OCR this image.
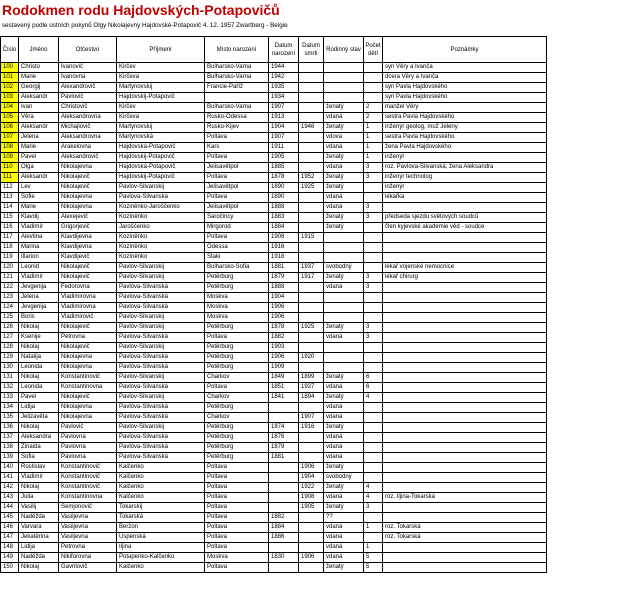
Rodokmen rodu Hajdovských-Potapovičů
sestavený podle ústních pokynů Olgy Nikolajevny Hajdovské-Potapovič 4. 12. 1957 Zwartberg - Belgie
Číslo	Jméno	Otčestvo	Příjmení	Místo narození	Datum narození	Datum smrti	Rodinný stav	Počet dětí	Poznámky
100	Christo	Ivanovič	Kirčev	Bulharsko-Varna	1944				syn Věry a Ivanča
101	Marie	Ivanovna	Kirčeva	Bulharsko-Varna	1942				dcera Věry a Ivanča
102	Georgij	Alexandrovič	Martynovskij	Francie-Paříž	1935				syn Pavla Hajdovského
103	Aleksandr	Pavlovič	Hajdovskij-Potapovič		1934				syn Pavla Hajdovského
104	Ivan	Christovič	Kirčev	Bulharsko-Varna	1907		ženatý	2	manžel Věry
105	Věra	Aleksandrovna	Kirčeva	Rusko-Odessa	1913		vdaná	2	sestra Pavla Hajdovského
106	Aleksandr	Michajlovič	Martynovskij	Rusko-Kijev	1904	1946	ženatý	1	inženýr geolog, muž Jeleny
107	Jelena	Aleksandrovna	Martynovská	Poltava	1907		vdova	1	sestra Pavla Hajdovského
108	Marie	Arakelovna	Hajdovská-Potapovič	Kars	1911		vdaná	1	žena Pavla Hajdovského
109	Pavel	Aleksandrovič	Hajdovskij-Potapovič	Poltava	1905		ženatý	1	inženýr
110	Olga	Nikolajevna	Hajdovská-Potapovič	Jelisavětpol	1885		vdaná	3	roz. Pavlova-Silvanská; žena Aleksandra
111	Aleksandr	Nikolajevič	Hajdovskij-Potapovič	Poltava	1878	1952	ženatý	3	inženýr technolog
112	Lev	Nikolajevič	Pavlov-Silvanskij	Jelisavětpol	1890	1925	ženatý		inženýr
113	Sofie	Nikolajevna	Pavlova-Silvanská	Poltava	1890		vdaná		lékařka
114	Marie	Nikolajevna	Koziněnko-Jaroščenko	Jelisavětpol	1888		vdaná	3	
115	Klavdij	Alexejevič	Kozíněnko	Saročincy	1883		ženatý	3	předseda sjezdu světových soudců
116	Vladimír	Grigorjevič	Jaroščenko	Mirgorod	1884		ženatý		člen kyjevské akademie věd - soudce
117	Alevtina	Klavdijevna	Kozíněnko	Poltava	1908	1915			
118	Marina	Klavdijevna	Kozíněnko	Odessa	1916				
119	Illarion	Klavdijevič	Kozíněnko	Štaki	1918				
120	Leonid	Nikolajevič	Pavlov-Silvanskij	Bulharsko-Sofia	1881	1937	svobodný		lékař vojenské nemocnice
121	Vladimír	Nikolajevič	Pavlov-Silvanskij	Petěrburg	1879	1917	ženatý	3	lékař chirurg
122	Jevgenija	Fedorovna	Pavlova-Silvanská	Petěrburg	1888		vdaná	3	
123	Jelena	Vladimirovna	Pavlova-Silvanská	Moskva	1904				
124	Jevgenija	Vladimirovna	Pavlova-Silvanská	Moskva	1906				
125	Boris	Vladimirovič	Pavlov-Silvanskij	Moskva	1906				
126	Nikolaj	Nikolajevič	Pavlov-Silvanskij	Petěrburg	1878	1925	ženatý	3	
127	Ksenije	Petrovna	Pavlova-Silvanská	Poltava	1882		vdaná	3	
128	Nikolaj	Nikolajevič	Pavlov-Silvanskij	Petěrburg	1903				
129	Natalija	Nikolajevna	Pavlova-Silvanská	Petěrburg	1906	1920			
130	Leonida	Nikolajevna	Pavlova-Silvanská	Petěrburg	1909				
131	Nikolaj	Konstantinovič	Pavlov-Silvanskij	Charkov	1849	1899	ženatý	6	
132	Leonida	Konstantinovna	Pavlova-Silvanská	Poltava	1851	1927	vdaná	6	
133	Pavel	Nikolajevič	Pavlov-Silvanskij	Charkov	1841	1894	ženatý	4	
134	Lidija	Nikolajevna	Pavlova-Silvanská	Petěrburg			vdaná		
135	Jelizavěta	Nikolajevna	Pavlova-Silvanská	Charkov		1907	vdaná		
136	Nikolaj	Pavlovič	Pavlov-Silvanskij	Petěrburg	1874	1916	ženatý		
137	Aleksandra	Pavlovna	Pavlova-Silvanská	Petěrburg	1876		vdaná		
138	Zinaida	Pavlovna	Pavlova-Silvanská	Petěrburg	1879		vdaná		
139	Sofia	Pavlovna	Pavlova-Silvanská	Petěrburg	1881		vdaná		
140	Rostislav	Konstantinovič	Kalčenko	Poltava		1906	ženatý		
141	Vladimír	Konstantinovič	Kalčenko	Poltava		1904	svobodný		
142	Nikolaj	Konstantinovič	Kalčenko	Poltava		1922	ženatý	4	
143	Julia	Konstantinovna	Kalčenko	Poltava		1908	vdaná	4	roz. Iljina-Tokarská
144	Vasilij	Semjonovič	Tokarskij	Poltava		1905	ženatý	3	
145	Naděžda	Vasiljevna	Tokarská	Poltava	1882		??		
146	Varvara	Vasiljevna	Berzon	Poltava	1884		vdaná	1	roz. Tokarská
147	Jekatěrina	Vasiljevna	Uspenská	Poltava	1886		vdaná		roz. Tokarská
148	Lidija	Petrovna	Iljina	Poltava			vdaná	1	
149	Naděžda	Nikiforovna	Potapenko-Kalčenko	Moskva	1830	1906	vdaná	5	
150	Nikolaj	Gavrilovič	Kalčenko	Poltava			ženatý	5	
